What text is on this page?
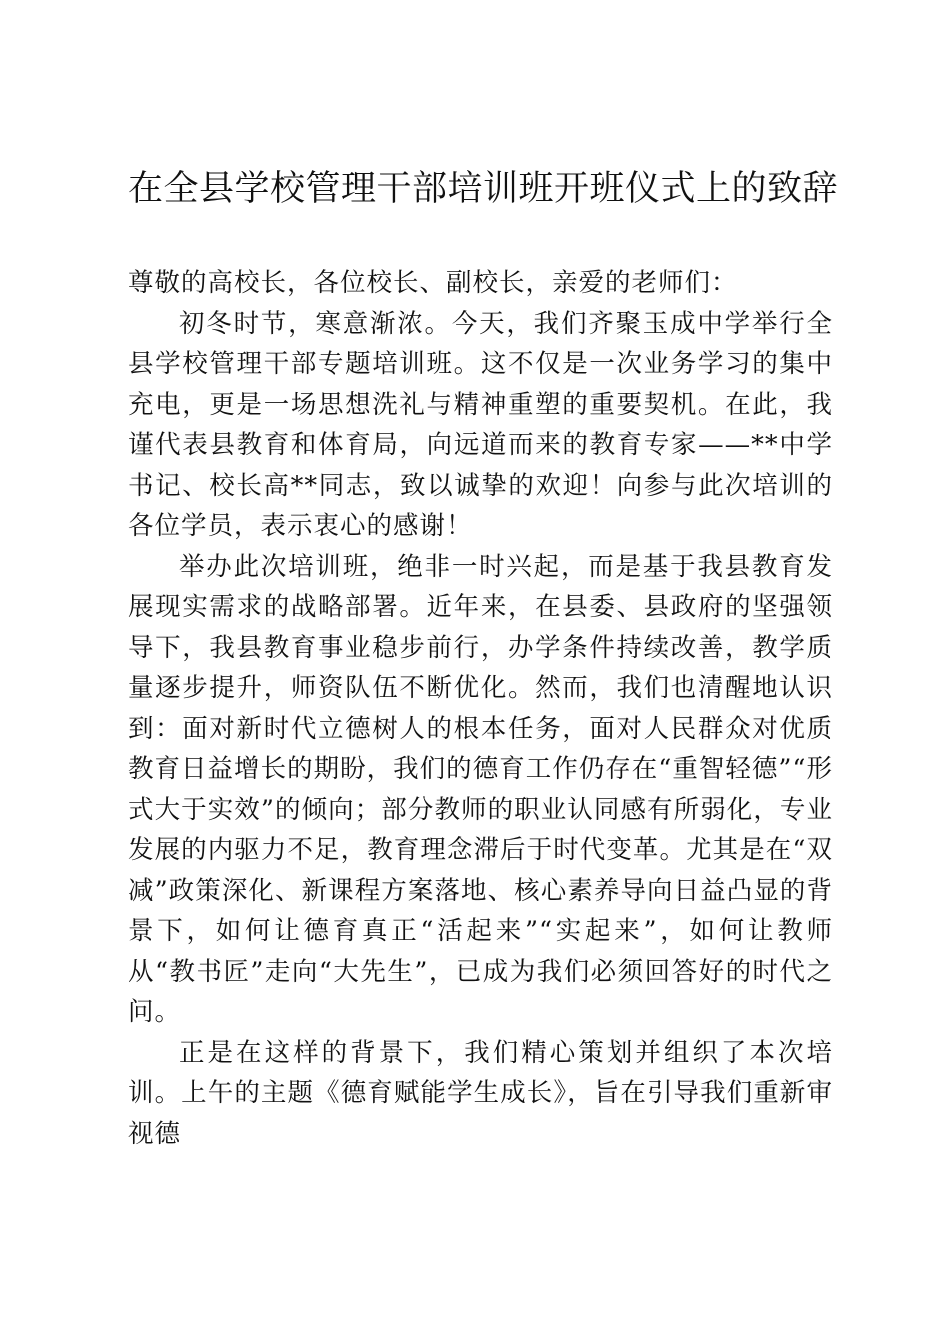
在全县学校管理干部培训班开班仪式上的致辞

尊敬的高校长，各位校长、副校长，亲爱的老师们：

初冬时节，寒意渐浓。今天，我们齐聚玉成中学举行全县学校管理干部专题培训班。这不仅是一次业务学习的集中充电，更是一场思想洗礼与精神重塑的重要契机。在此，我谨代表县教育和体育局，向远道而来的教育专家——**中学书记、校长高**同志，致以诚挚的欢迎！向参与此次培训的各位学员，表示衷心的感谢！

举办此次培训班，绝非一时兴起，而是基于我县教育发展现实需求的战略部署。近年来，在县委、县政府的坚强领导下，我县教育事业稳步前行，办学条件持续改善，教学质量逐步提升，师资队伍不断优化。然而，我们也清醒地认识到：面对新时代立德树人的根本任务，面对人民群众对优质教育日益增长的期盼，我们的德育工作仍存在“重智轻德”“形式大于实效”的倾向；部分教师的职业认同感有所弱化，专业发展的内驱力不足，教育理念滞后于时代变革。尤其是在“双减”政策深化、新课程方案落地、核心素养导向日益凸显的背景下，如何让德育真正“活起来”“实起来”，如何让教师从“教书匠”走向“大先生”，已成为我们必须回答好的时代之问。

正是在这样的背景下，我们精心策划并组织了本次培训。上午的主题《德育赋能学生成长》，旨在引导我们重新审视德
